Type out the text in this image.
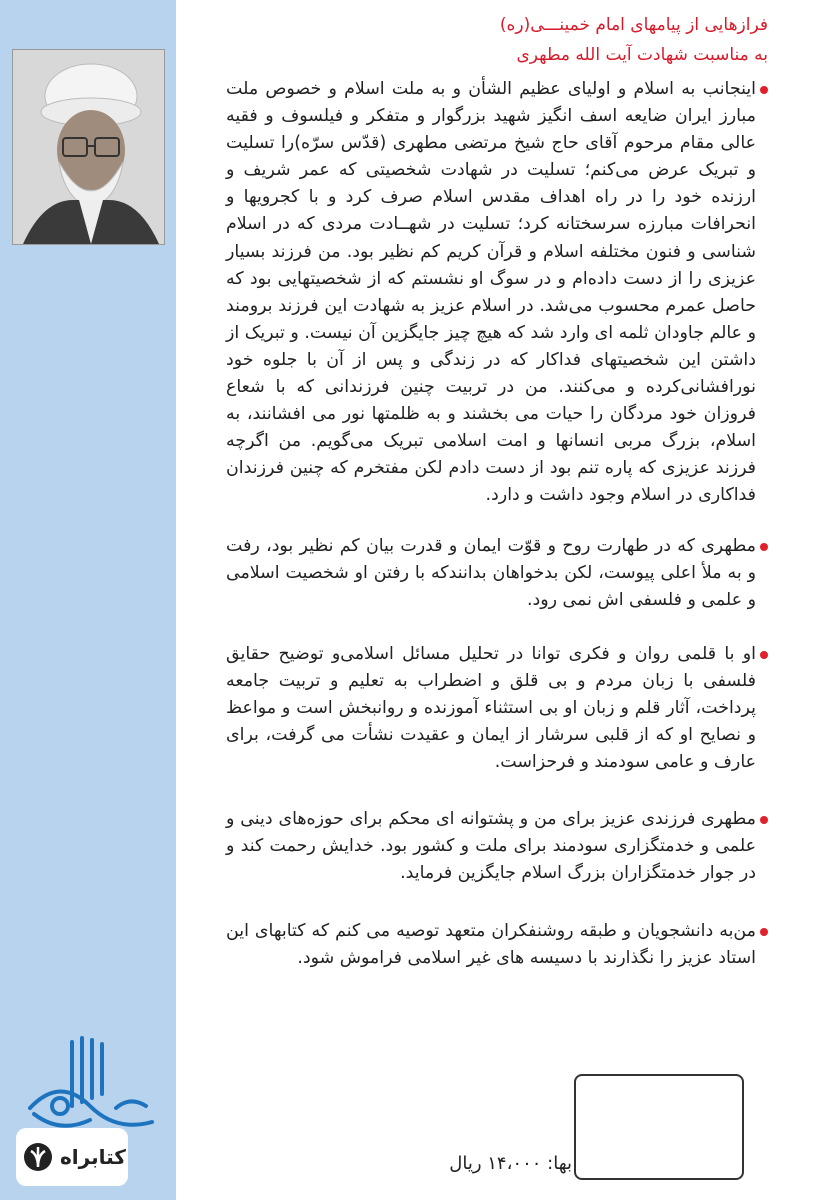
کتابراه
فرازهایی از پیامهای امام خمینـــی(ره)
به مناسبت شهادت آیت الله مطهری

اینجانب به اسلام و اولیای عظیم الشأن و به ملت اسلام و خصوص ملت مبارز ایران ضایعه اسف انگیز شهید بزرگوار و متفکر و فیلسوف و فقیه عالی مقام مرحوم آقای حاج شیخ مرتضی مطهری (قدّس سرّه)را تسلیت و تبریک عرض می‌کنم؛ تسلیت در شهادت شخصیتی که عمر شریف و ارزنده خود را در راه اهداف مقدس اسلام صرف کرد و با کجرویها و انحرافات مبارزه سرسختانه کرد؛ تسلیت در شهــادت مردی که در اسلام شناسی و فنون مختلفه اسلام و قرآن کریم کم نظیر بود. من فرزند بسیار عزیزی را از دست داده‌ام و در سوگ او نشستم که از شخصیتهایی بود که حاصل عمرم محسوب می‌شد. در اسلام عزیز به شهادت این فرزند برومند و عالم جاودان ثلمه ای وارد شد که هیچ چیز جایگزین آن نیست. و تبریک از داشتن این شخصیتهای فداکار که در زندگی و پس از آن با جلوه خود نورافشانی‌کرده و می‌کنند. من در تربیت چنین فرزندانی که با شعاع فروزان خود مردگان را حیات می بخشند و به ظلمتها نور می افشانند، به اسلام، بزرگ مربی انسانها و امت اسلامی تبریک می‌گویم. من اگرچه فرزند عزیزی که پاره تنم بود از دست دادم لکن مفتخرم که چنین فرزندان فداکاری در اسلام وجود داشت و دارد.

مطهری که در طهارت روح و قوّت ایمان و قدرت بیان کم نظیر بود، رفت و به ملأ اعلی پیوست، لکن بدخواهان بدانندکه با رفتن او شخصیت اسلامی و علمی و فلسفی اش نمی رود.

او با قلمی روان و فکری توانا در تحلیل مسائل اسلامی‌و توضیح حقایق فلسفی با زبان مردم و بی قلق و اضطراب به تعلیم و تربیت جامعه پرداخت، آثار قلم و زبان او بی استثناء آموزنده و روانبخش است و مواعظ و نصایح او که از قلبی سرشار از ایمان و عقیدت نشأت می گرفت، برای عارف و عامی سودمند و فرحزاست.

مطهری فرزندی عزیز برای من و پشتوانه ای محکم برای حوزه‌های دینی و علمی و خدمتگزاری سودمند برای ملت و کشور بود. خدایش رحمت کند و در جوار خدمتگزاران بزرگ اسلام جایگزین فرماید.

من‌به دانشجویان و طبقه روشنفکران متعهد توصیه می کنم که کتابهای این استاد عزیز را نگذارند با دسیسه های غیر اسلامی فراموش شود.

بها: ۱۴،۰۰۰ ریال
